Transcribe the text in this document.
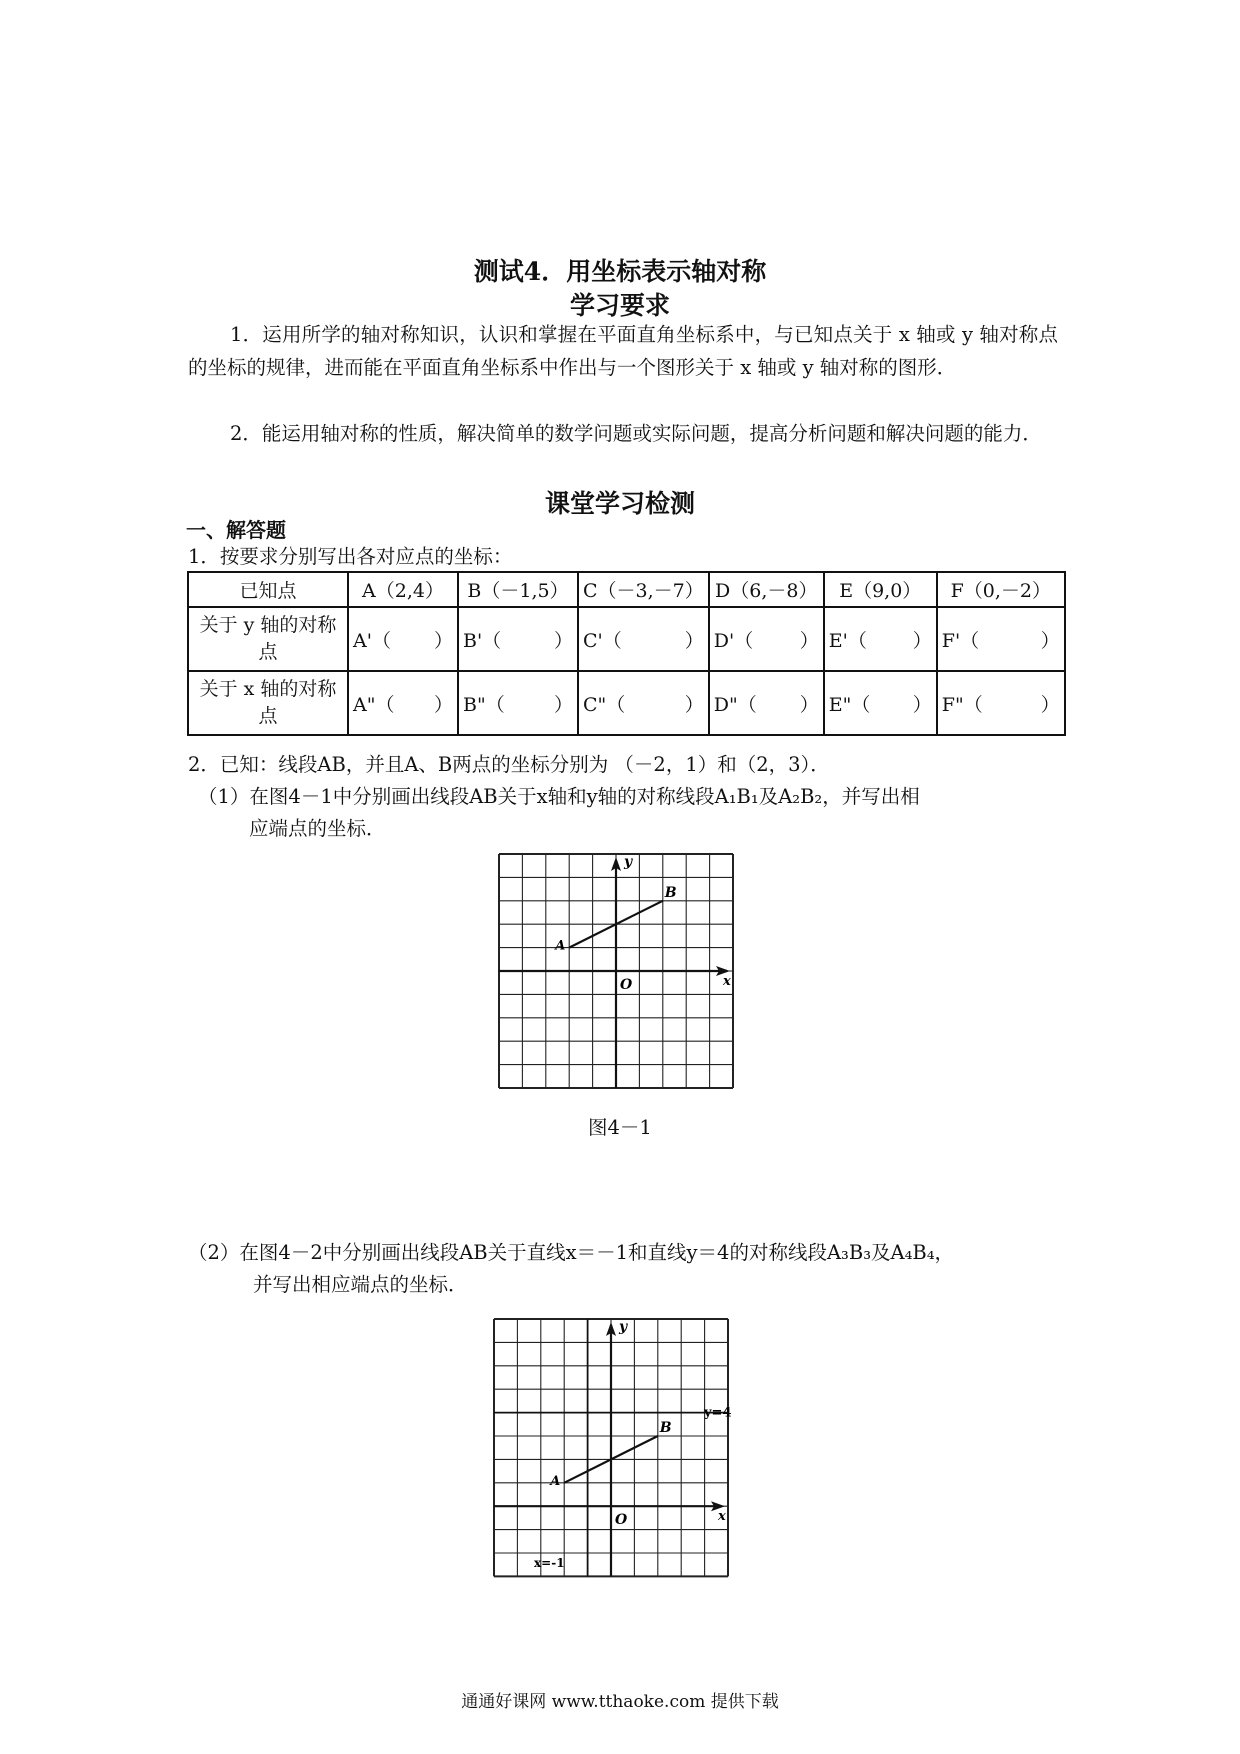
测试4．用坐标表示轴对称
学习要求
1．运用所学的轴对称知识，认识和掌握在平面直角坐标系中，与已知点关于 x 轴或 y 轴对称点的坐标的规律，进而能在平面直角坐标系中作出与一个图形关于 x 轴或 y 轴对称的图形．
2．能运用轴对称的性质，解决简单的数学问题或实际问题，提高分析问题和解决问题的能力．
课堂学习检测
一、解答题
1．按要求分别写出各对应点的坐标：
已知点	A（2,4）	B（－1,5）	C（－3,－7）	D（6,－8）	E（9,0）	F（0,－2）
关于 y 轴的对称点	A'（ ）	B'（ ）	C'（ ）	D'（ ）	E'（ ）	F'（ ）

关于 x 轴的对称点	A"（ ）	B"（ ）	C"（ ）	D"（ ）	E"（ ）	F"（ ）
2．已知：线段AB，并且A、B两点的坐标分别为 （－2，1）和（2，3）．
（1）在图4－1中分别画出线段AB关于x轴和y轴的对称线段A₁B₁及A₂B₂，并写出相
应端点的坐标．
y
x
O
A
B
图4－1
（2）在图4－2中分别画出线段AB关于直线x＝－1和直线y＝4的对称线段A₃B₃及A₄B₄，
并写出相应端点的坐标．
y
x
O
A
B
y=4
x=-1
通通好课网 www.tthaoke.com 提供下载
